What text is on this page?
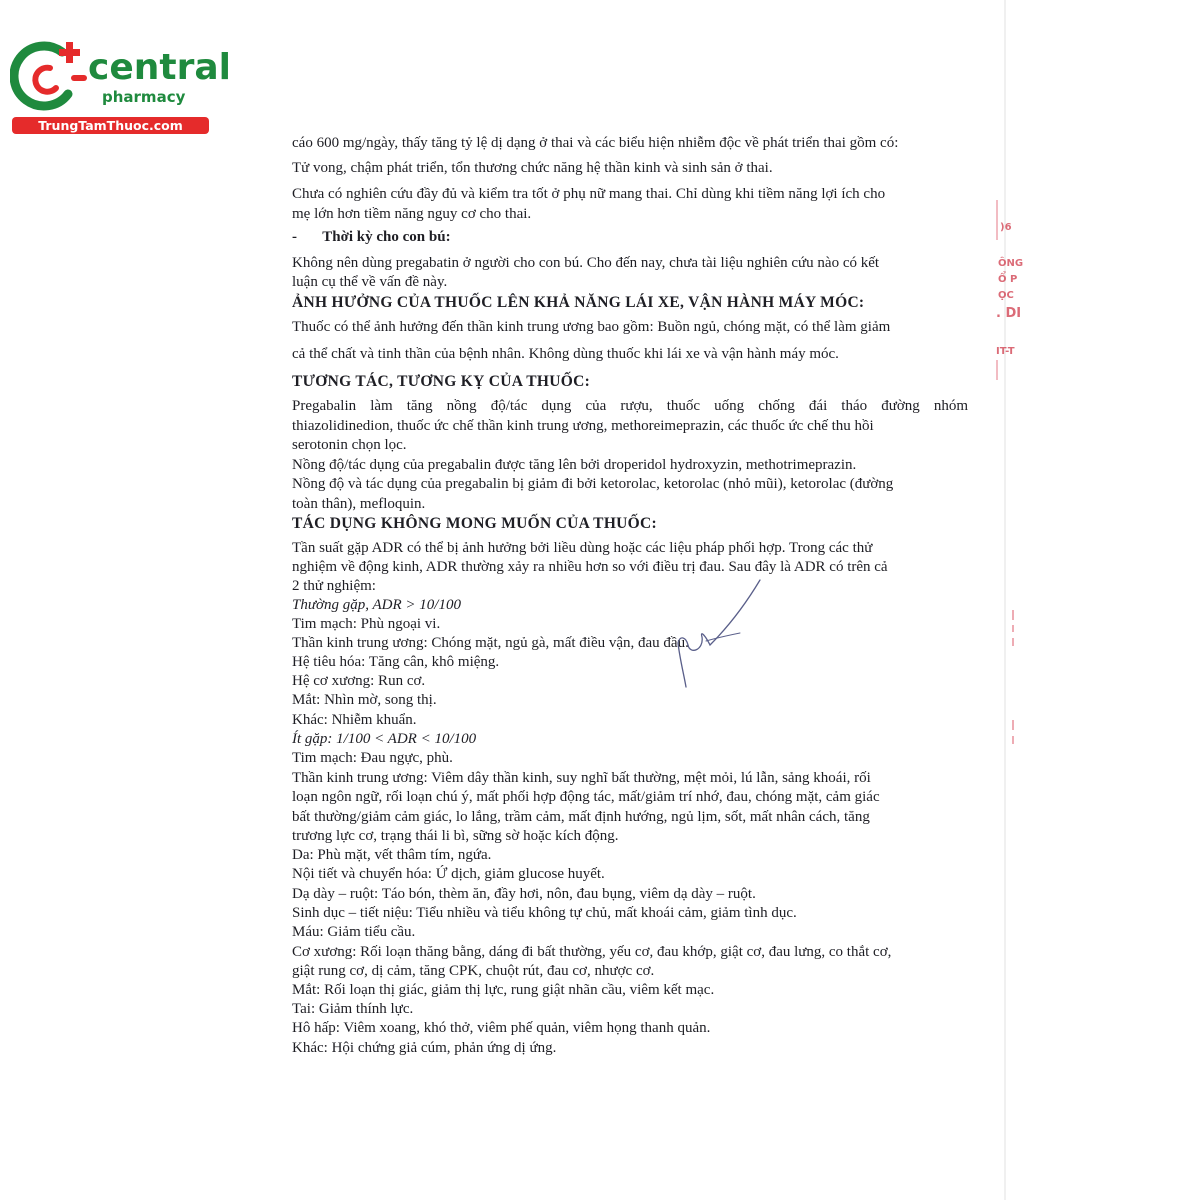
central
pharmacy
TrungTamThuoc.com
cáo 600 mg/ngày, thấy tăng tỷ lệ dị dạng ở thai và các biểu hiện nhiễm độc về phát triển thai gồm có:
Tử vong, chậm phát triển, tổn thương chức năng hệ thần kinh và sinh sản ở thai.
Chưa có nghiên cứu đầy đủ và kiểm tra tốt ở phụ nữ mang thai. Chỉ dùng khi tiềm năng lợi ích cho
mẹ lớn hơn tiềm năng nguy cơ cho thai.
- Thời kỳ cho con bú:
Không nên dùng pregabatin ở người cho con bú. Cho đến nay, chưa tài liệu nghiên cứu nào có kết
luận cụ thể về vấn đề này.
ẢNH HƯỞNG CỦA THUỐC LÊN KHẢ NĂNG LÁI XE, VẬN HÀNH MÁY MÓC:
Thuốc có thể ảnh hưởng đến thần kinh trung ương bao gồm: Buồn ngủ, chóng mặt, có thể làm giảm
cả thể chất và tinh thần của bệnh nhân. Không dùng thuốc khi lái xe và vận hành máy móc.
TƯƠNG TÁC, TƯƠNG KỴ CỦA THUỐC:
Pregabalin làm tăng nồng độ/tác dụng của rượu, thuốc uống chống đái tháo đường nhóm
thiazolidinedion, thuốc ức chế thần kinh trung ương, methoreimeprazin, các thuốc ức chế thu hồi
serotonin chọn lọc.
Nồng độ/tác dụng của pregabalin được tăng lên bởi droperidol hydroxyzin, methotrimeprazin.
Nồng độ và tác dụng của pregabalin bị giảm đi bởi ketorolac, ketorolac (nhỏ mũi), ketorolac (đường
toàn thân), mefloquin.
TÁC DỤNG KHÔNG MONG MUỐN CỦA THUỐC:
Tần suất gặp ADR có thể bị ảnh hưởng bởi liều dùng hoặc các liệu pháp phối hợp. Trong các thử
nghiệm về động kinh, ADR thường xảy ra nhiều hơn so với điều trị đau. Sau đây là ADR có trên cả
2 thử nghiệm:
Thường gặp, ADR > 10/100
Tim mạch: Phù ngoại vi.
Thần kinh trung ương: Chóng mặt, ngủ gà, mất điều vận, đau đầu.
Hệ tiêu hóa: Tăng cân, khô miệng.
Hệ cơ xương: Run cơ.
Mắt: Nhìn mờ, song thị.
Khác: Nhiễm khuẩn.
Ít gặp: 1/100 < ADR < 10/100
Tim mạch: Đau ngực, phù.
Thần kinh trung ương: Viêm dây thần kinh, suy nghĩ bất thường, mệt mỏi, lú lẫn, sảng khoái, rối
loạn ngôn ngữ, rối loạn chú ý, mất phối hợp động tác, mất/giảm trí nhớ, đau, chóng mặt, cảm giác
bất thường/giảm cảm giác, lo lắng, trầm cảm, mất định hướng, ngủ lịm, sốt, mất nhân cách, tăng
trương lực cơ, trạng thái li bì, sững sờ hoặc kích động.
Da: Phù mặt, vết thâm tím, ngứa.
Nội tiết và chuyển hóa: Ứ dịch, giảm glucose huyết.
Dạ dày – ruột: Táo bón, thèm ăn, đầy hơi, nôn, đau bụng, viêm dạ dày – ruột.
Sinh dục – tiết niệu: Tiểu nhiều và tiểu không tự chủ, mất khoái cảm, giảm tình dục.
Máu: Giảm tiểu cầu.
Cơ xương: Rối loạn thăng bằng, dáng đi bất thường, yếu cơ, đau khớp, giật cơ, đau lưng, co thắt cơ,
giật rung cơ, dị cảm, tăng CPK, chuột rút, đau cơ, nhược cơ.
Mắt: Rối loạn thị giác, giảm thị lực, rung giật nhãn cầu, viêm kết mạc.
Tai: Giảm thính lực.
Hô hấp: Viêm xoang, khó thở, viêm phế quản, viêm họng thanh quản.
Khác: Hội chứng giả cúm, phản ứng dị ứng.
)6
ÔNG
Ổ P
ỌC
. DI
IT-T
